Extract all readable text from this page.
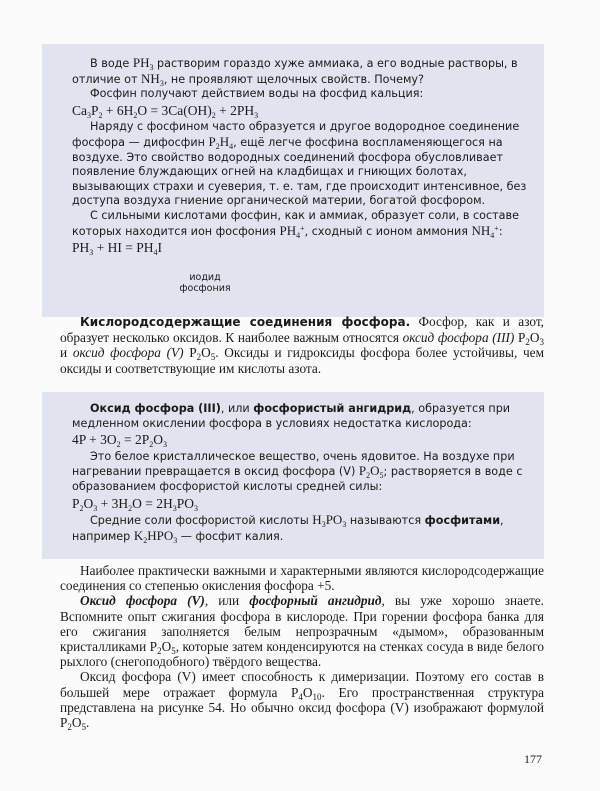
В воде $PH_3$ растворим гораздо хуже аммиака, а его водные растворы, в отличие от $NH_3$, не проявляют щелочных свойств. Почему?

Фосфин получают действием воды на фосфид кальция:

$Ca_3P_2 + 6H_2O = 3Ca(OH)_2 + 2PH_3$

Наряду с фосфином часто образуется и другое водородное соединение фосфора — дифосфин $P_2H_4$, ещё легче фосфина воспламеняющегося на воздухе. Это свойство водородных соединений фосфора обусловливает появление блуждающих огней на кладбищах и гниющих болотах, вызывающих страхи и суеверия, т. е. там, где происходит интенсивное, без доступа воздуха гниение органической материи, богатой фосфором.

С сильными кислотами фосфин, как и аммиак, образует соли, в составе которых находится ион фосфония $PH_4^+$, сходный с ионом аммония $NH_4^+$:

$PH_3$ + HI = $PH_4I$

иодид
фосфония

Кислородсодержащие соединения фосфора. Фосфор, как и азот, образует несколько оксидов. К наиболее важным относятся оксид фосфора (III) $P_2O_3$ и оксид фосфора (V) $P_2O_5$. Оксиды и гидроксиды фосфора более устойчивы, чем оксиды и соответствующие им кислоты азота.

Оксид фосфора (III), или фосфористый ангидрид, образуется при медленном окислении фосфора в условиях недостатка кислорода:

$4P + 3O_2 = 2P_2O_3$

Это белое кристаллическое вещество, очень ядовитое. На воздухе при нагревании превращается в оксид фосфора (V) $P_2O_5$; растворяется в воде с образованием фосфористой кислоты средней силы:

$P_2O_3 + 3H_2O = 2H_3PO_3$

Средние соли фосфористой кислоты $H_3PO_3$ называются фосфитами, например $K_2HPO_3$ — фосфит калия.

Наиболее практически важными и характерными являются кислородсодержащие соединения со степенью окисления фосфора +5.

Оксид фосфора (V), или фосфорный ангидрид, вы уже хорошо знаете. Вспомните опыт сжигания фосфора в кислороде. При горении фосфора банка для его сжигания заполняется белым непрозрачным «дымом», образованным кристалликами $P_2O_5$, которые затем конденсируются на стенках сосуда в виде белого рыхлого (снегоподобного) твёрдого вещества.

Оксид фосфора (V) имеет способность к димеризации. Поэтому его состав в большей мере отражает формула $P_4O_{10}$. Его пространственная структура представлена на рисунке 54. Но обычно оксид фосфора (V) изображают формулой $P_2O_5$.

177
